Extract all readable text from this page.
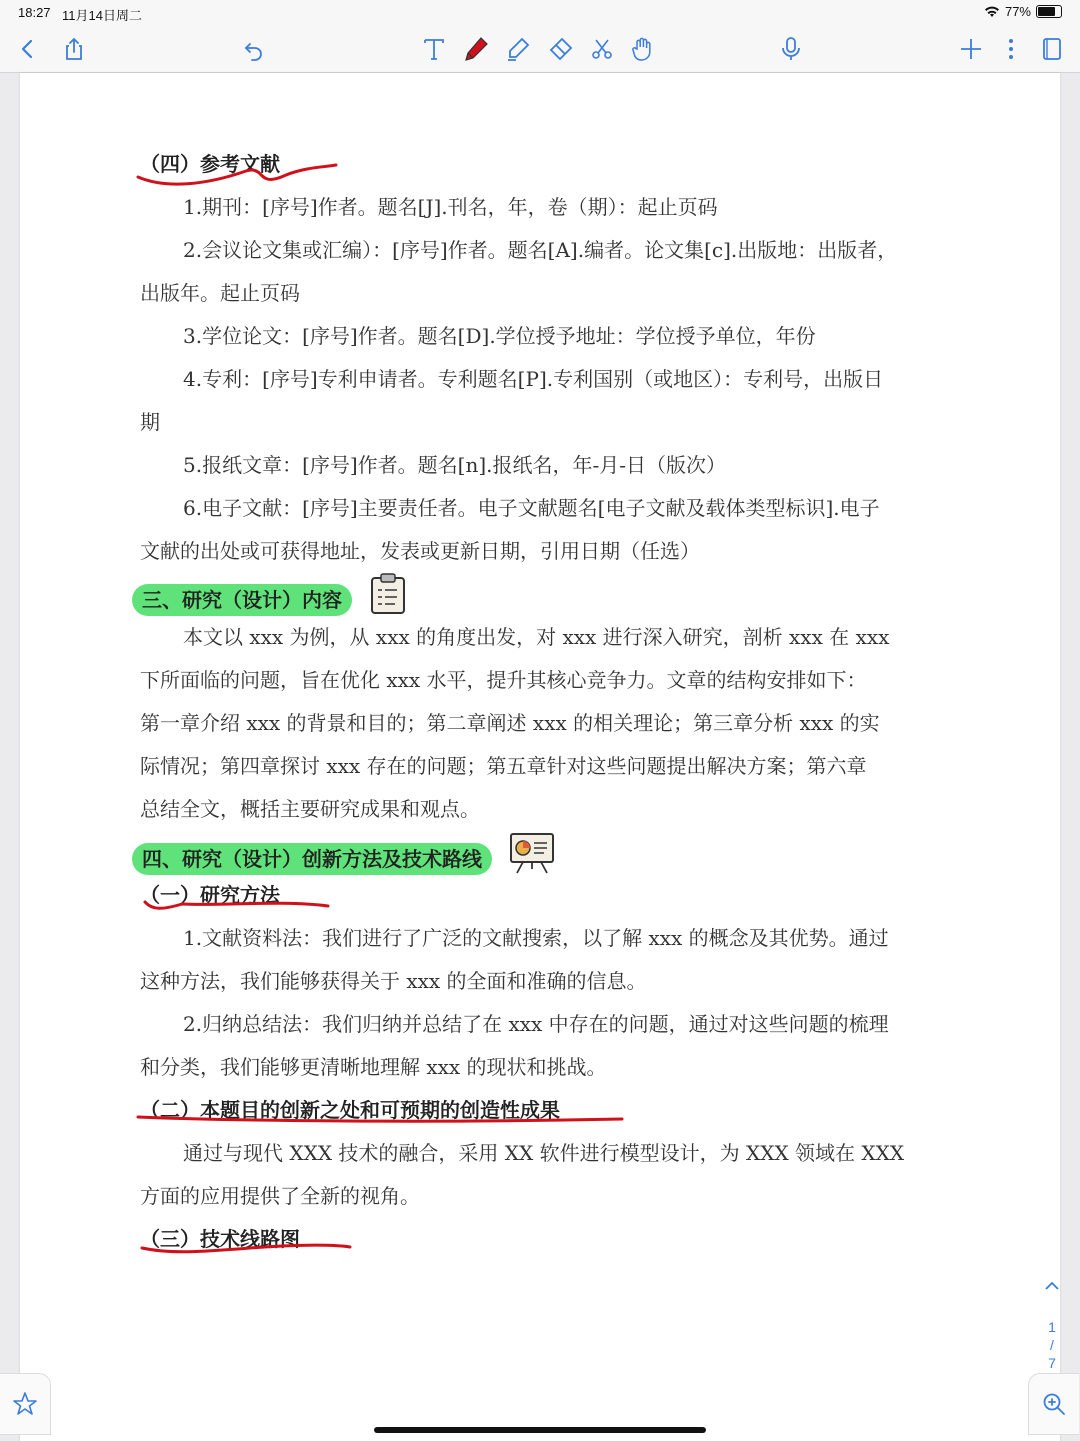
18:27 11月14日周二	77%
（四）参考文献
1.期刊：[序号]作者。题名[J].刊名，年，卷（期）：起止页码
2.会议论文集或汇编）：[序号]作者。题名[A].编者。论文集[c].出版地：出版者，
出版年。起止页码
3.学位论文：[序号]作者。题名[D].学位授予地址：学位授予单位，年份
4.专利：[序号]专利申请者。专利题名[P].专利国别（或地区）：专利号，出版日
期
5.报纸文章：[序号]作者。题名[n].报纸名，年-月-日（版次）
6.电子文献：[序号]主要责任者。电子文献题名[电子文献及载体类型标识].电子
文献的出处或可获得地址，发表或更新日期，引用日期（任选）
三、研究（设计）内容
本文以 xxx 为例，从 xxx 的角度出发，对 xxx 进行深入研究，剖析 xxx 在 xxx
下所面临的问题，旨在优化 xxx 水平，提升其核心竞争力。文章的结构安排如下：
第一章介绍 xxx 的背景和目的；第二章阐述 xxx 的相关理论；第三章分析 xxx 的实
际情况；第四章探讨 xxx 存在的问题；第五章针对这些问题提出解决方案；第六章
总结全文，概括主要研究成果和观点。
四、研究（设计）创新方法及技术路线
（一）研究方法
1.文献资料法：我们进行了广泛的文献搜索，以了解 xxx 的概念及其优势。通过
这种方法，我们能够获得关于 xxx 的全面和准确的信息。
2.归纳总结法：我们归纳并总结了在 xxx 中存在的问题，通过对这些问题的梳理
和分类，我们能够更清晰地理解 xxx 的现状和挑战。
（二）本题目的创新之处和可预期的创造性成果
通过与现代 XXX 技术的融合，采用 XX 软件进行模型设计，为 XXX 领域在 XXX
方面的应用提供了全新的视角。
（三）技术线路图
1
/
7
